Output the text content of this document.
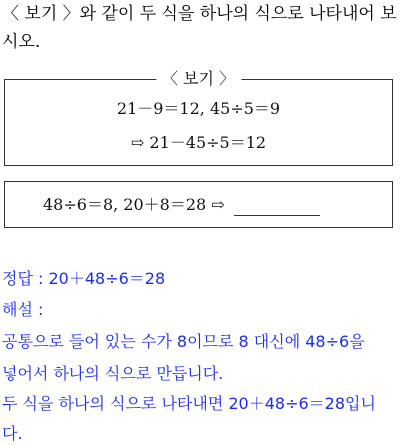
〈 보기 〉와 같이 두 식을 하나의 식으로 나타내어 보
시오.
〈 보기 〉
21－9＝12, 45÷5＝9
⇨ 21－45÷5＝12
48÷6＝8, 20＋8＝28 ⇨
정답 : 20＋48÷6＝28
해설 :
공통으로 들어 있는 수가 8이므로 8 대신에 48÷6을
넣어서 하나의 식으로 만듭니다.
두 식을 하나의 식으로 나타내면 20＋48÷6＝28입니
다.
